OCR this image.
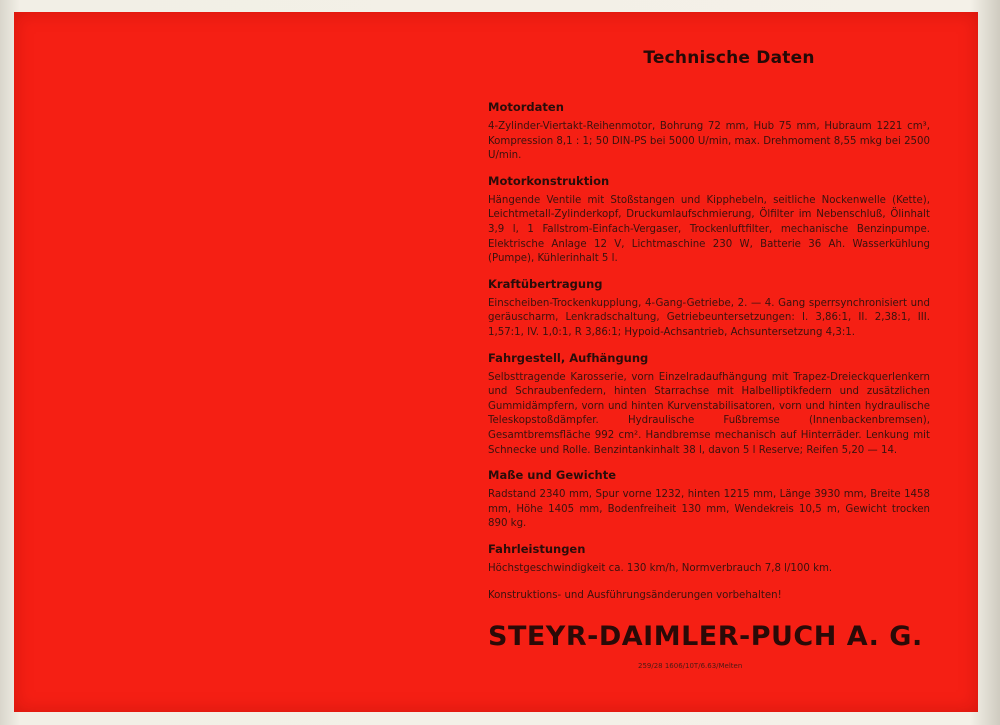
Technische Daten
Motordaten

4-Zylinder-Viertakt-Reihenmotor, Bohrung 72 mm, Hub 75 mm, Hubraum 1221 cm³, Kompression 8,1 : 1; 50 DIN-PS bei 5000 U/min, max. Drehmoment 8,55 mkg bei 2500 U/min.

Motorkonstruktion

Hängende Ventile mit Stoßstangen und Kipphebeln, seitliche Nockenwelle (Kette), Leichtmetall-Zylinderkopf, Druckumlaufschmierung, Ölfilter im Nebenschluß, Ölinhalt 3,9 l, 1 Fallstrom-Einfach-Vergaser, Trockenluftfilter, mechanische Benzinpumpe. Elektrische Anlage 12 V, Lichtmaschine 230 W, Batterie 36 Ah. Wasserkühlung (Pumpe), Kühlerinhalt 5 l.

Kraftübertragung

Einscheiben-Trockenkupplung, 4-Gang-Getriebe, 2. — 4. Gang sperrsynchronisiert und geräuscharm, Lenkradschaltung, Getriebeuntersetzungen: I. 3,86:1, II. 2,38:1, III. 1,57:1, IV. 1,0:1, R 3,86:1; Hypoid-Achsantrieb, Achsuntersetzung 4,3:1.

Fahrgestell, Aufhängung

Selbsttragende Karosserie, vorn Einzelradaufhängung mit Trapez-Dreieckquerlenkern und Schraubenfedern, hinten Starrachse mit Halbelliptikfedern und zusätzlichen Gummidämpfern, vorn und hinten Kurvenstabilisatoren, vorn und hinten hydraulische Teleskopstoßdämpfer. Hydraulische Fußbremse (Innenbackenbremsen), Gesamtbremsfläche 992 cm². Handbremse mechanisch auf Hinterräder. Lenkung mit Schnecke und Rolle. Benzintankinhalt 38 l, davon 5 l Reserve; Reifen 5,20 — 14.

Maße und Gewichte

Radstand 2340 mm, Spur vorne 1232, hinten 1215 mm, Länge 3930 mm, Breite 1458 mm, Höhe 1405 mm, Bodenfreiheit 130 mm, Wendekreis 10,5 m, Gewicht trocken 890 kg.

Fahrleistungen

Höchstgeschwindigkeit ca. 130 km/h, Normverbrauch 7,8 l/100 km.

Konstruktions- und Ausführungsänderungen vorbehalten!
STEYR-DAIMLER-PUCH A. G.
259/28 1606/10T/6.63/Melten
